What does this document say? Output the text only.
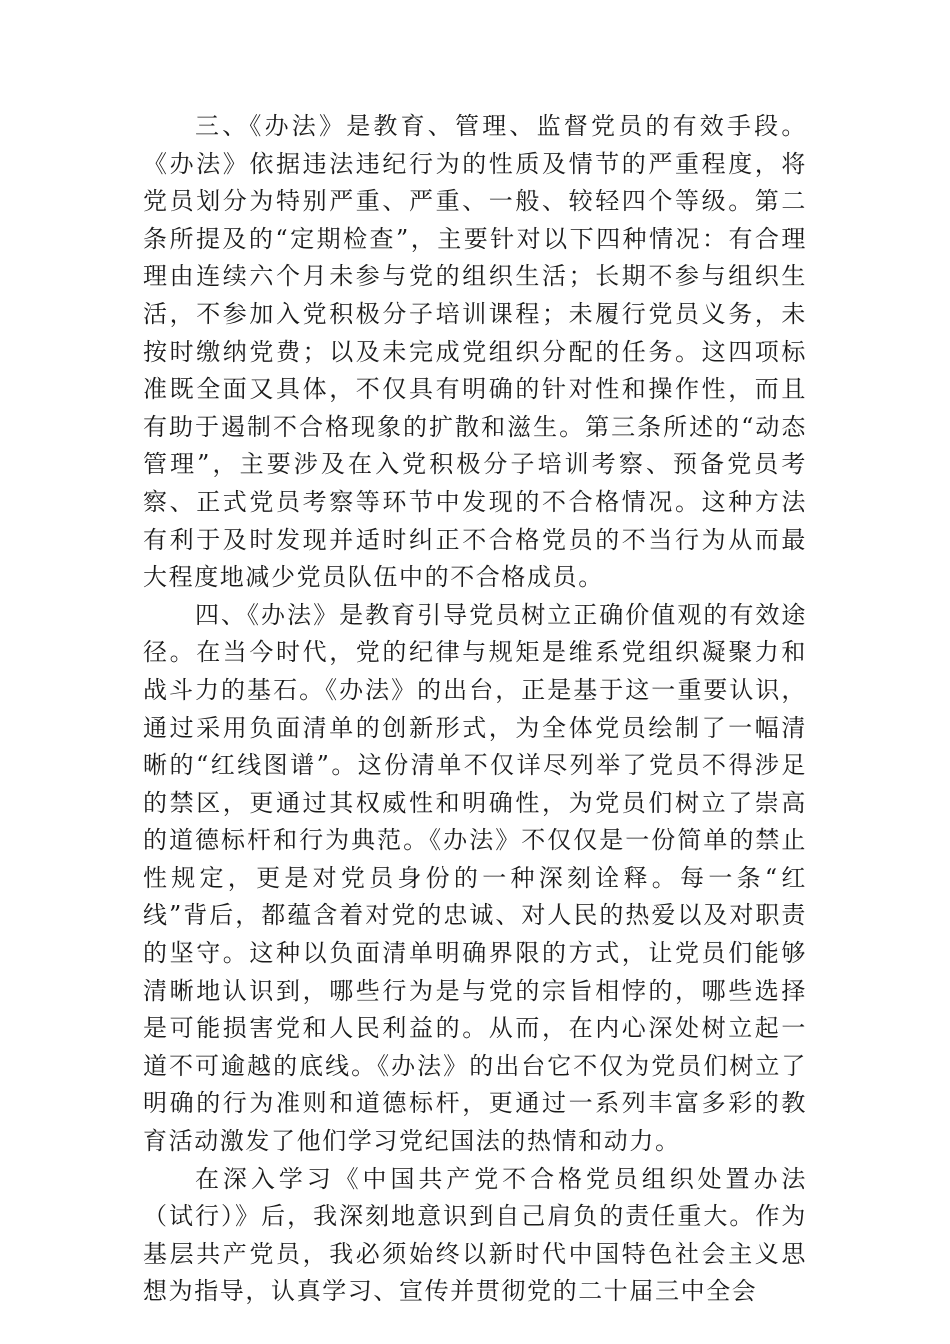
三、《办法》是教育、管理、监督党员的有效手段。《办法》依据违法违纪行为的性质及情节的严重程度，将党员划分为特别严重、严重、一般、较轻四个等级。第二条所提及的“定期检查”，主要针对以下四种情况：有合理理由连续六个月未参与党的组织生活；长期不参与组织生活，不参加入党积极分子培训课程；未履行党员义务，未按时缴纳党费；以及未完成党组织分配的任务。这四项标准既全面又具体，不仅具有明确的针对性和操作性，而且有助于遏制不合格现象的扩散和滋生。第三条所述的“动态管理”，主要涉及在入党积极分子培训考察、预备党员考察、正式党员考察等环节中发现的不合格情况。这种方法有利于及时发现并适时纠正不合格党员的不当行为从而最大程度地减少党员队伍中的不合格成员。

四、《办法》是教育引导党员树立正确价值观的有效途径。在当今时代，党的纪律与规矩是维系党组织凝聚力和战斗力的基石。《办法》的出台，正是基于这一重要认识，通过采用负面清单的创新形式，为全体党员绘制了一幅清晰的“红线图谱”。这份清单不仅详尽列举了党员不得涉足的禁区，更通过其权威性和明确性，为党员们树立了崇高的道德标杆和行为典范。《办法》不仅仅是一份简单的禁止性规定，更是对党员身份的一种深刻诠释。每一条“红线”背后，都蕴含着对党的忠诚、对人民的热爱以及对职责的坚守。这种以负面清单明确界限的方式，让党员们能够清晰地认识到，哪些行为是与党的宗旨相悖的，哪些选择是可能损害党和人民利益的。从而，在内心深处树立起一道不可逾越的底线。《办法》的出台它不仅为党员们树立了明确的行为准则和道德标杆，更通过一系列丰富多彩的教育活动激发了他们学习党纪国法的热情和动力。

在深入学习《中国共产党不合格党员组织处置办法（试行）》后，我深刻地意识到自己肩负的责任重大。作为基层共产党员，我必须始终以新时代中国特色社会主义思想为指导，认真学习、宣传并贯彻党的二十届三中全会
